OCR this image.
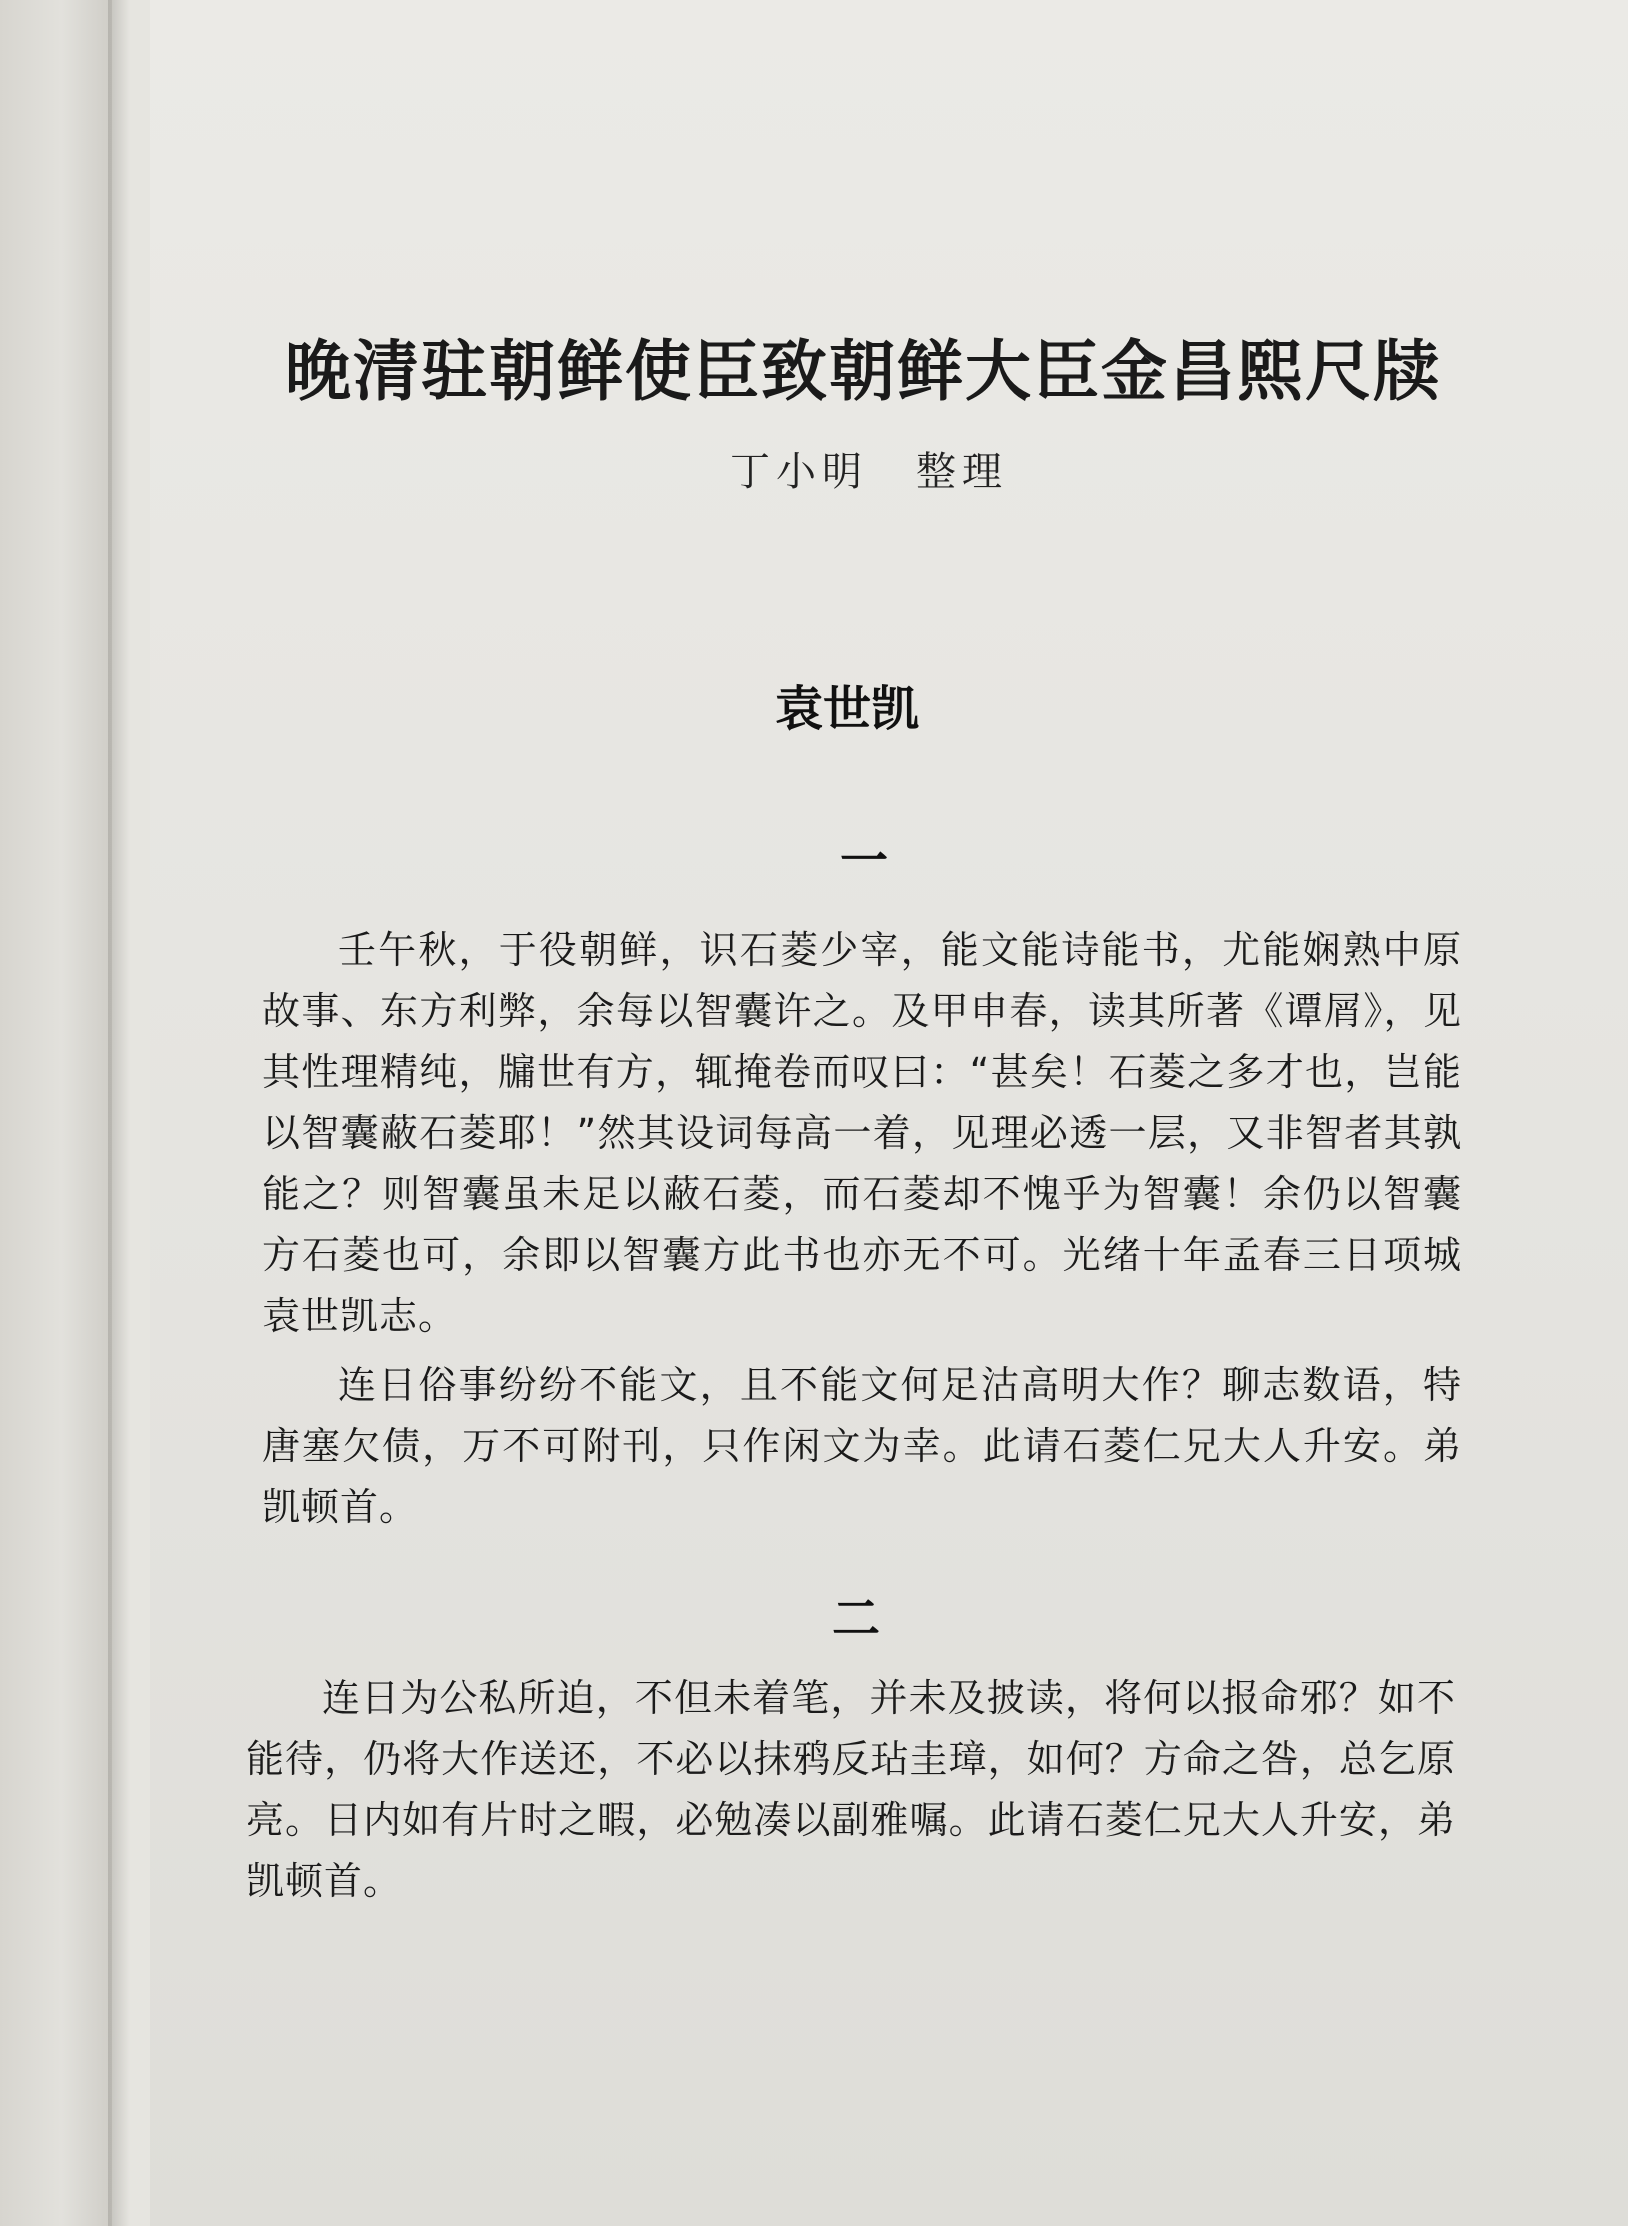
晚清驻朝鲜使臣致朝鲜大臣金昌熙尺牍
丁小明 整理
袁世凯
一

壬午秋，于役朝鲜，识石菱少宰，能文能诗能书，尤能娴熟中原故事、东方利弊，余每以智囊许之。及甲申春，读其所著《谭屑》，见其性理精纯，牖世有方，辄掩卷而叹曰：“甚矣！石菱之多才也，岂能以智囊蔽石菱耶！”然其设词每高一着，见理必透一层，又非智者其孰能之？则智囊虽未足以蔽石菱，而石菱却不愧乎为智囊！余仍以智囊方石菱也可，余即以智囊方此书也亦无不可。光绪十年孟春三日项城袁世凯志。

连日俗事纷纷不能文，且不能文何足沽高明大作？聊志数语，特唐塞欠债，万不可附刊，只作闲文为幸。此请石菱仁兄大人升安。弟凯顿首。

二

连日为公私所迫，不但未着笔，并未及披读，将何以报命邪？如不能待，仍将大作送还，不必以抹鸦反玷圭璋，如何？方命之咎，总乞原亮。日内如有片时之暇，必勉凑以副雅嘱。此请石菱仁兄大人升安，弟凯顿首。
